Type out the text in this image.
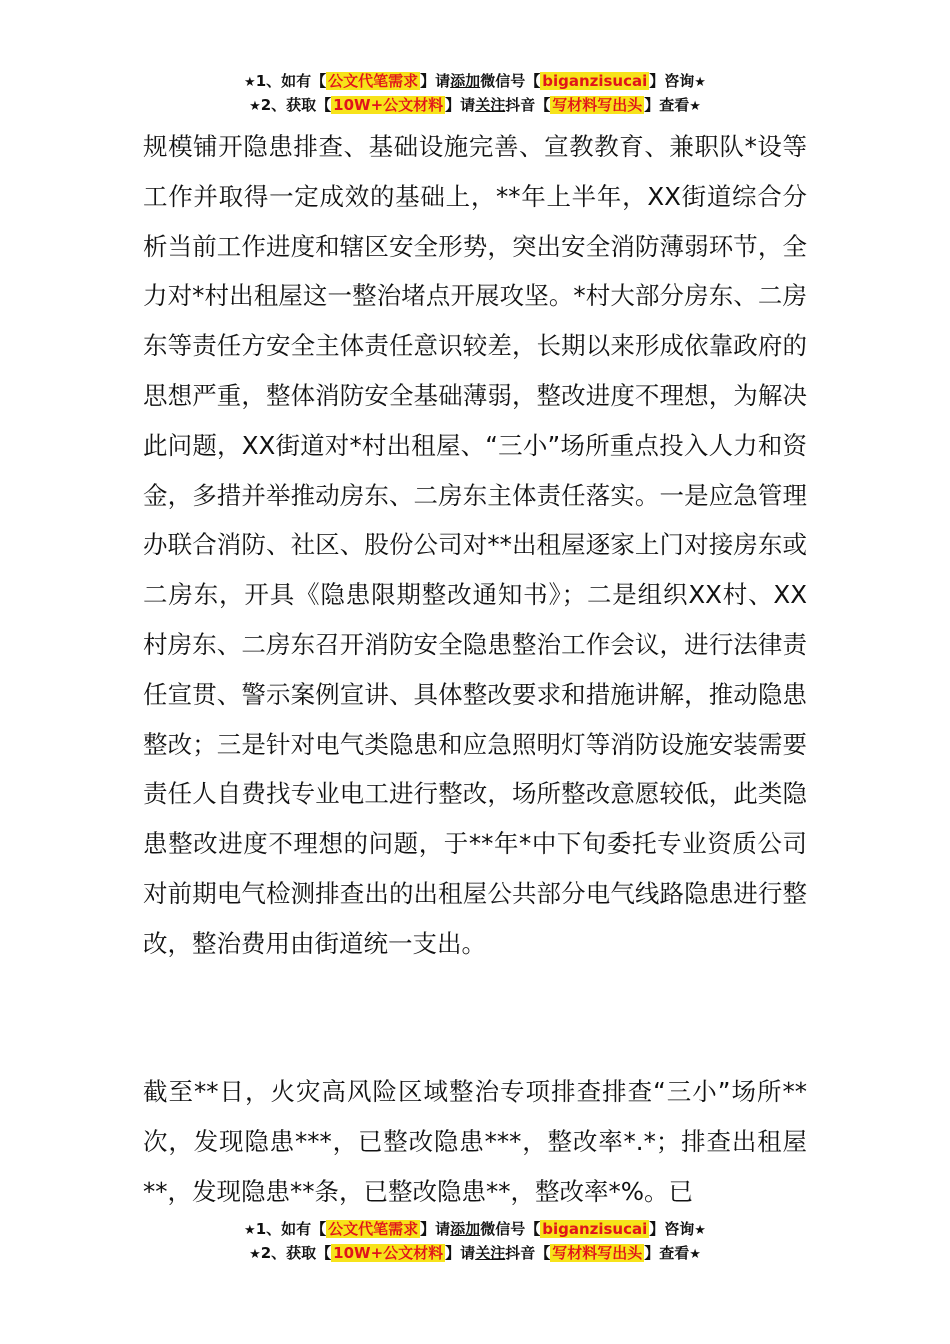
★1、如有【 公文代笔需求 】请添加微信号【 biganzisucai 】咨询★
★2、获取【 10W+公文材料 】请关注抖音【 写材料写出头 】查看★

规模铺开隐患排查、基础设施完善、宣教教育、兼职队*设等工作并取得一定成效的基础上，**年上半年，XX街道综合分析当前工作进度和辖区安全形势，突出安全消防薄弱环节，全力对*村出租屋这一整治堵点开展攻坚。*村大部分房东、二房东等责任方安全主体责任意识较差，长期以来形成依靠政府的思想严重，整体消防安全基础薄弱，整改进度不理想，为解决此问题，XX街道对*村出租屋、“三小”场所重点投入人力和资金，多措并举推动房东、二房东主体责任落实。一是应急管理办联合消防、社区、股份公司对**出租屋逐家上门对接房东或二房东，开具《隐患限期整改通知书》；二是组织XX村、XX村房东、二房东召开消防安全隐患整治工作会议，进行法律责任宣贯、警示案例宣讲、具体整改要求和措施讲解，推动隐患整改；三是针对电气类隐患和应急照明灯等消防设施安装需要责任人自费找专业电工进行整改，场所整改意愿较低，此类隐患整改进度不理想的问题，于**年*中下旬委托专业资质公司对前期电气检测排查出的出租屋公共部分电气线路隐患进行整改，整治费用由街道统一支出。

截至**日，火灾高风险区域整治专项排查排查“三小”场所**次，发现隐患***，已整改隐患***，整改率*.*；排查出租屋**，发现隐患**条，已整改隐患**，整改率*%。已

★1、如有【 公文代笔需求 】请添加微信号【 biganzisucai 】咨询★
★2、获取【 10W+公文材料 】请关注抖音【 写材料写出头 】查看★
